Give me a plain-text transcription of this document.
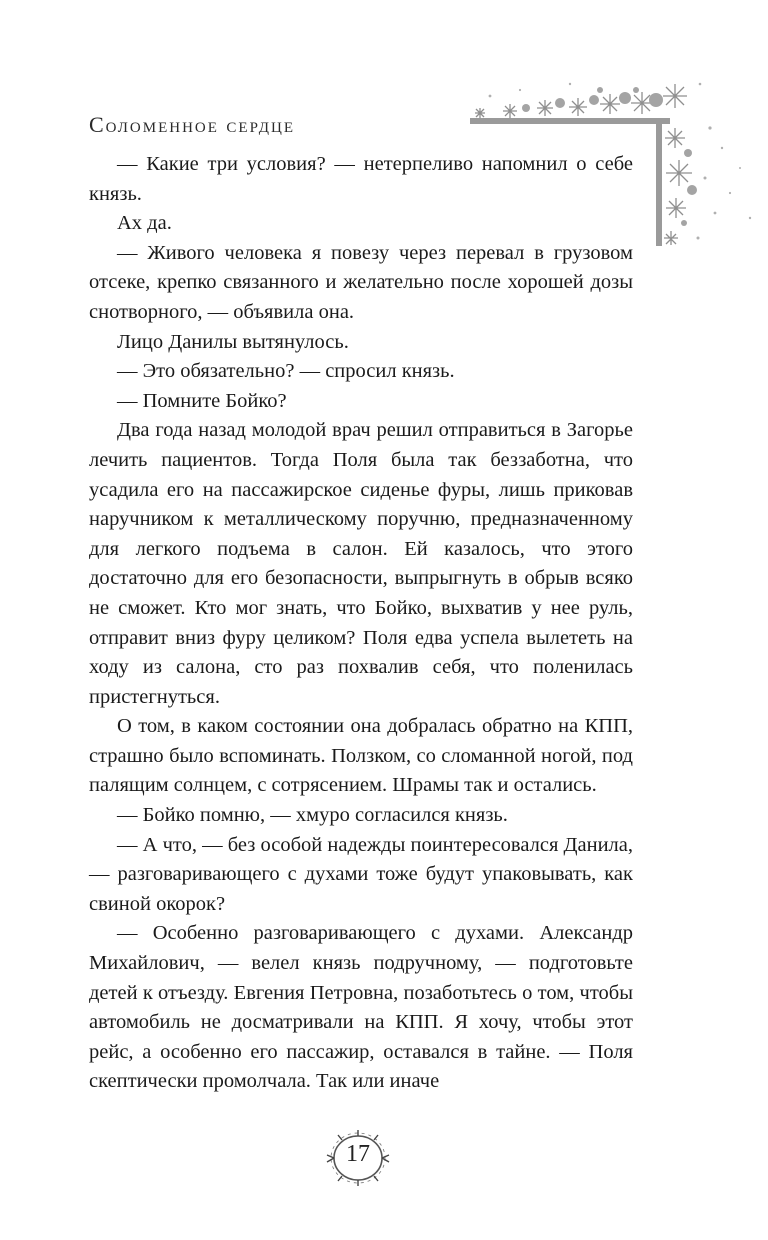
Соломенное сердце

— Какие три условия? — нетерпеливо напомнил о себе князь.

Ах да.

— Живого человека я повезу через перевал в грузовом отсеке, крепко связанного и желательно после хорошей дозы снотворного, — объявила она.

Лицо Данилы вытянулось.

— Это обязательно? — спросил князь.

— Помните Бойко?

Два года назад молодой врач решил отправиться в Загорье лечить пациентов. Тогда Поля была так беззаботна, что усадила его на пассажирское сиденье фуры, лишь приковав наручником к металлическому поручню, предназначенному для легкого подъема в салон. Ей казалось, что этого достаточно для его безопасности, выпрыгнуть в обрыв всяко не сможет. Кто мог знать, что Бойко, выхватив у нее руль, отправит вниз фуру целиком? Поля едва успела вылететь на ходу из салона, сто раз похвалив себя, что поленилась пристегнуться.

О том, в каком состоянии она добралась обратно на КПП, страшно было вспоминать. Ползком, со сломанной ногой, под палящим солнцем, с сотрясением. Шрамы так и остались.

— Бойко помню, — хмуро согласился князь.

— А что, — без особой надежды поинтересовался Данила, — разговаривающего с духами тоже будут упаковывать, как свиной окорок?

— Особенно разговаривающего с духами. Александр Михайлович, — велел князь подручному, — подготовьте детей к отъезду. Евгения Петровна, позаботьтесь о том, чтобы автомобиль не досматривали на КПП. Я хочу, чтобы этот рейс, а особенно его пассажир, оставался в тайне. — Поля скептически промолчала. Так или иначе

17
